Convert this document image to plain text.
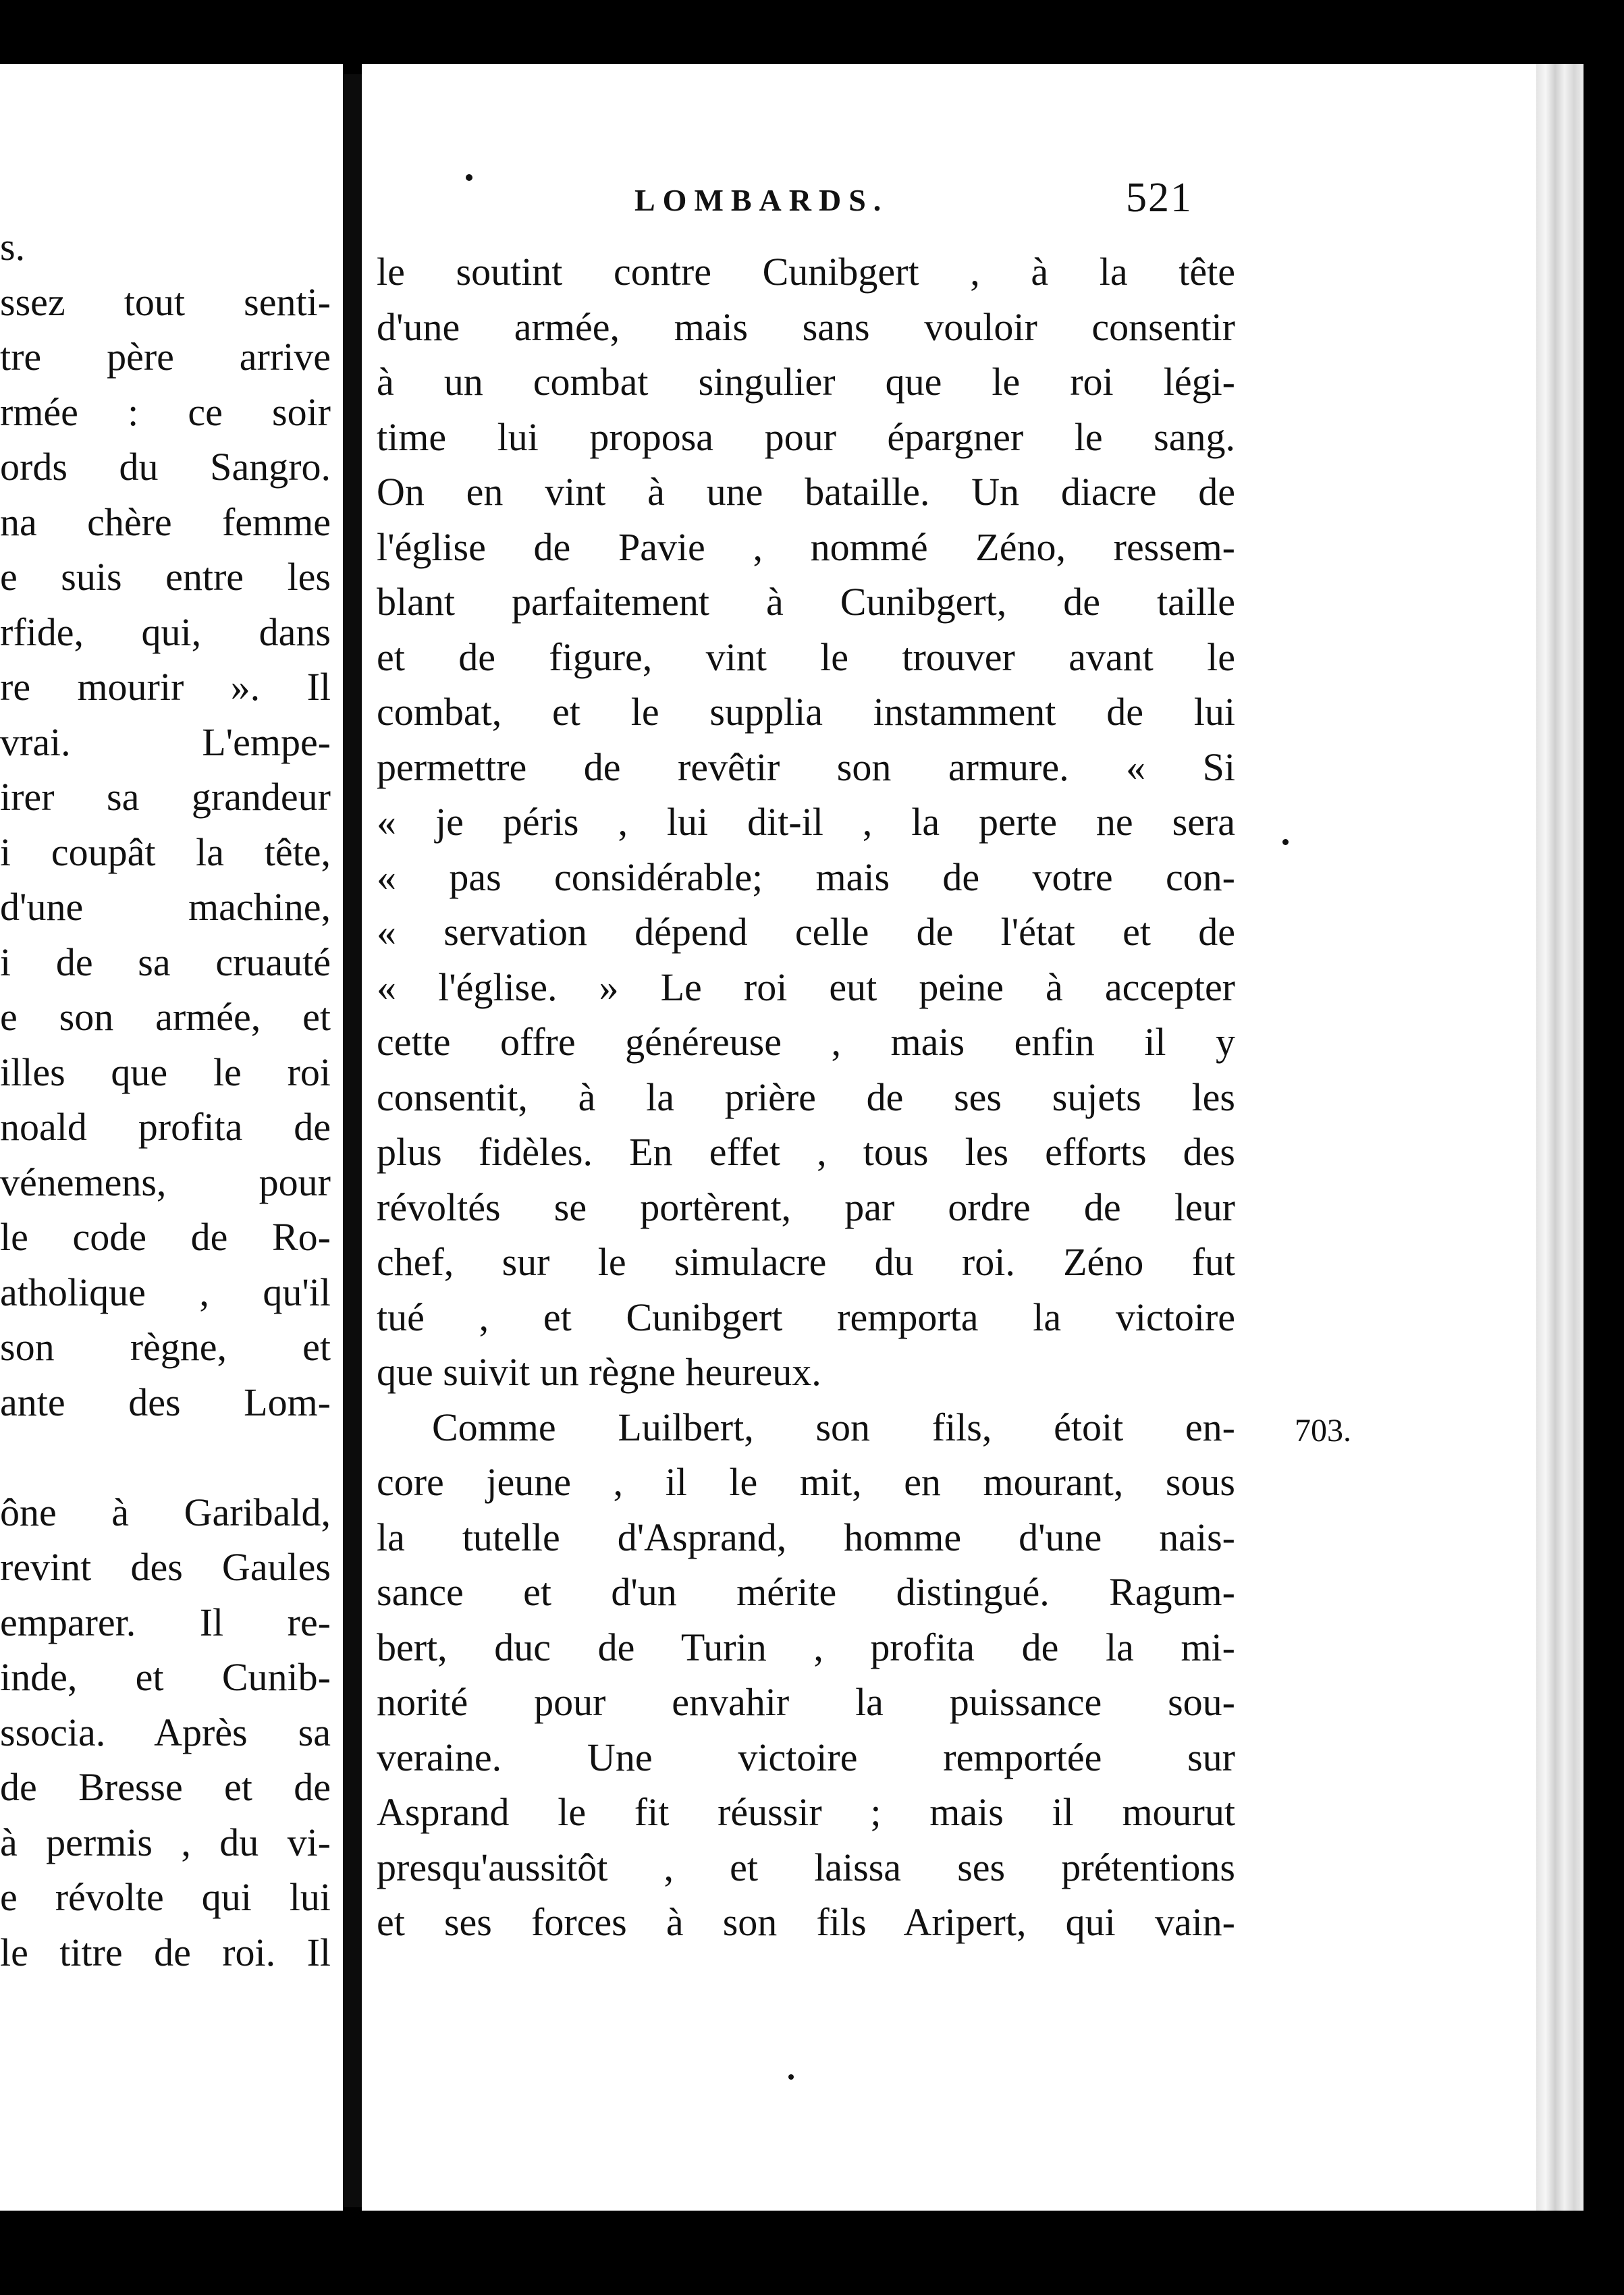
s.
ssez tout senti-
tre père arrive
rmée : ce soir
ords du Sangro.
na chère femme
e suis entre les
rfide, qui, dans
re mourir ». Il
vrai. L'empe-
irer sa grandeur
i coupât la tête,
d'une machine,
i de sa cruauté
e son armée, et
illes que le roi
noald profita de
vénemens, pour
le code de Ro-
atholique , qu'il
son règne, et
ante des Lom-
ône à Garibald,
revint des Gaules
emparer. Il re-
inde, et Cunib-
ssocia. Après sa
de Bresse et de
à permis , du vi-
e révolte qui lui
le titre de roi. Il
LOMBARDS.	521
le soutint contre Cunibgert , à la tête
d'une armée, mais sans vouloir consentir
à un combat singulier que le roi légi-
time lui proposa pour épargner le sang.
On en vint à une bataille. Un diacre de
l'église de Pavie , nommé Zéno, ressem-
blant parfaitement à Cunibgert, de taille
et de figure, vint le trouver avant le
combat, et le supplia instamment de lui
permettre de revêtir son armure. « Si
« je péris , lui dit-il , la perte ne sera
« pas considérable; mais de votre con-
« servation dépend celle de l'état et de
« l'église. » Le roi eut peine à accepter
cette offre généreuse , mais enfin il y
consentit, à la prière de ses sujets les
plus fidèles. En effet , tous les efforts des
révoltés se portèrent, par ordre de leur
chef, sur le simulacre du roi. Zéno fut
tué , et Cunibgert remporta la victoire
que suivit un règne heureux.
Comme Luilbert, son fils, étoit en-
core jeune , il le mit, en mourant, sous
la tutelle d'Asprand, homme d'une nais-
sance et d'un mérite distingué. Ragum-
bert, duc de Turin , profita de la mi-
norité pour envahir la puissance sou-
veraine. Une victoire remportée sur
Asprand le fit réussir ; mais il mourut
presqu'aussitôt , et laissa ses prétentions
et ses forces à son fils Aripert, qui vain-
703.
